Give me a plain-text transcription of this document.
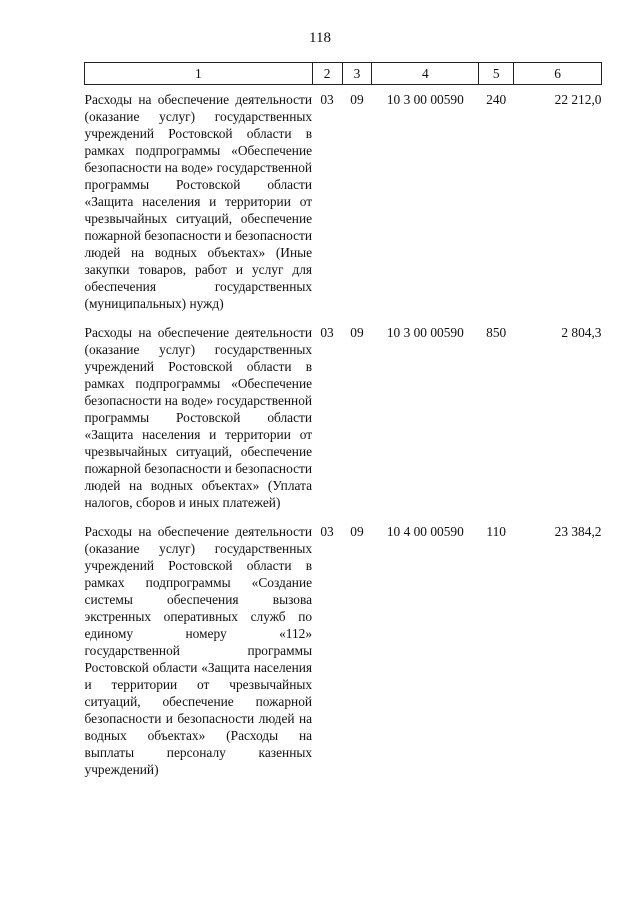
118
1	2	3	4	5	6
Расходы на обеспечение деятельности (оказание услуг) государственных учреждений Ростовской области в рамках подпрограммы «Обеспечение безопасности на воде» государственной программы Ростовской области «Защита населения и территории от чрезвычайных ситуаций, обеспечение пожарной безопасности и безопасности людей на водных объектах» (Иные закупки товаров, работ и услуг для обеспечения государственных (муниципальных) нужд)	03	09	10 3 00 00590	240	22 212,0
Расходы на обеспечение деятельности (оказание услуг) государственных учреждений Ростовской области в рамках подпрограммы «Обеспечение безопасности на воде» государственной программы Ростовской области «Защита населения и территории от чрезвычайных ситуаций, обеспечение пожарной безопасности и безопасности людей на водных объектах» (Уплата налогов, сборов и иных платежей)	03	09	10 3 00 00590	850	2 804,3
Расходы на обеспечение деятельности (оказание услуг) государственных учреждений Ростовской области в рамках подпрограммы «Создание системы обеспечения вызова экстренных оперативных служб по единому номеру «112» государственной программы Ростовской области «Защита населения и территории от чрезвычайных ситуаций, обеспечение пожарной безопасности и безопасности людей на водных объектах» (Расходы на выплаты персоналу казенных учреждений)	03	09	10 4 00 00590	110	23 384,2
